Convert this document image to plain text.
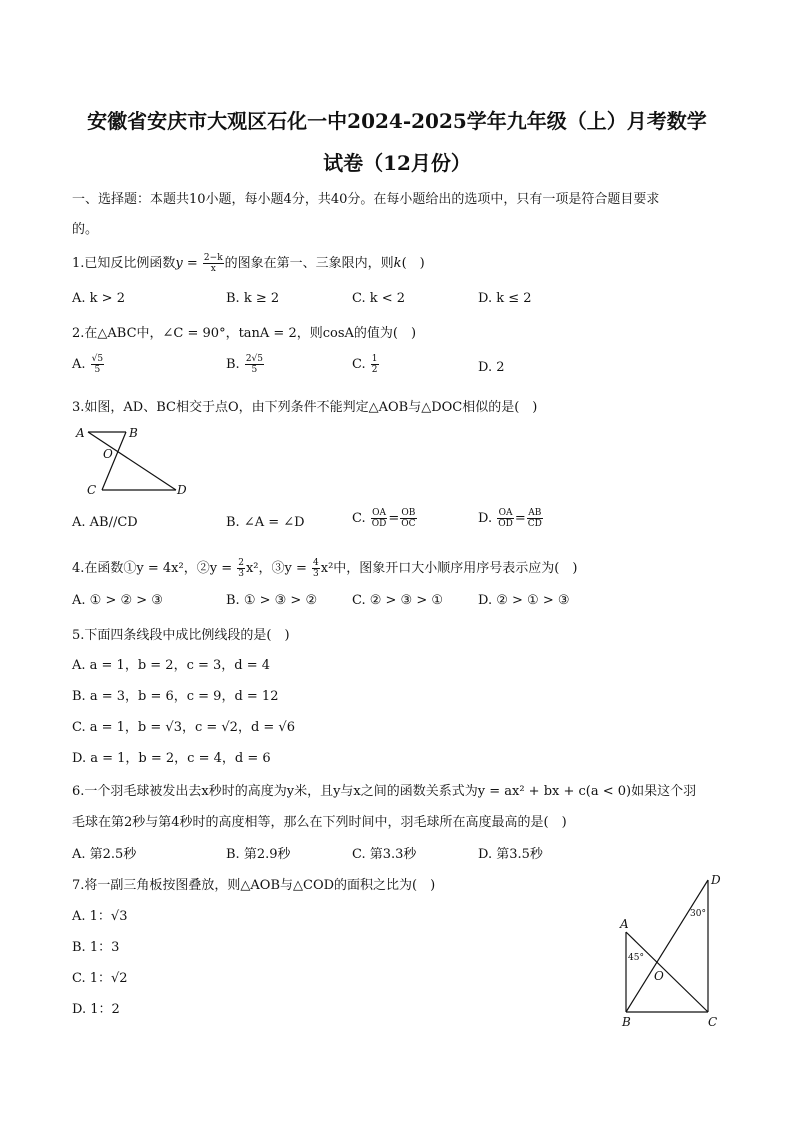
安徽省安庆市大观区石化一中2024-2025学年九年级（上）月考数学
试卷（12月份）
一、选择题：本题共10小题，每小题4分，共40分。在每小题给出的选项中，只有一项是符合题目要求
的。
1.已知反比例函数$y = \frac{2-k}{x}$ 的图象在第一、三象限内，则k(　)
A. k > 2	B. k ≥ 2	C. k < 2	D. k ≤ 2
2.在△ABC中，∠C = 90°，tanA = 2，则cosA的值为(　)
A. $\frac{√5}{5}$	B. $\frac{2√5}{5}$	C. $\frac{1}{2}$	D. 2
3.如图，AD、BC相交于点O，由下列条件不能判定△AOB与△DOC相似的是(　)
A	B
O
C	D
A. AB//CD	B. ∠A = ∠D	C. $\frac{OA}{OD} = \frac{OB}{OC}$	D. $\frac{OA}{OD} = \frac{AB}{CD}$
4.在函数①y = 4x²，②y = $\frac{2}{3} x^2$，③y = $\frac{4}{3} x^2$中，图象开口大小顺序用序号表示应为(　)
A. ① > ② > ③	B. ① > ③ > ②	C. ② > ③ > ①	D. ② > ① > ③
5.下面四条线段中成比例线段的是(　)
A. a = 1，b = 2，c = 3，d = 4
B. a = 3，b = 6，c = 9，d = 12
C. a = 1，b = √3，c = √2，d = √6
D. a = 1，b = 2，c = 4，d = 6
6.一个羽毛球被发出去x秒时的高度为y米，且y与x之间的函数关系式为y = ax² + bx + c(a < 0)如果这个羽
毛球在第2秒与第4秒时的高度相等，那么在下列时间中，羽毛球所在高度最高的是(　)
A. 第2.5秒	B. 第2.9秒	C. 第3.3秒	D. 第3.5秒
7.将一副三角板按图叠放，则△AOB与△COD的面积之比为(　)
A. 1：√3
B. 1：3
C. 1：√2
D. 1：2
A
B	C
D
O
45°
30°
